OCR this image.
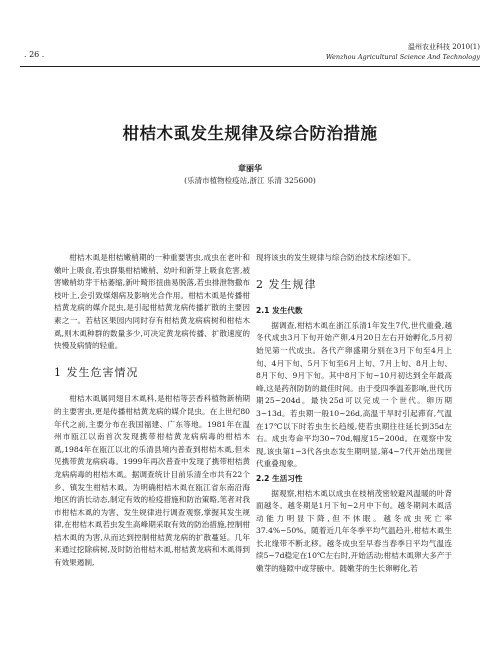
. 26 .
温州农业科技 2010(1)
Wenzhou Agricultural Science And Technology
柑桔木虱发生规律及综合防治措施
章丽华
(乐清市植物检疫站,浙江 乐清 325600)

柑桔木虱是柑桔嫩梢期的一种重要害虫,成虫在老叶和嫩叶上吸食,若虫群集柑桔嫩梢、幼叶和新芽上吸食危害,被害嫩梢幼芽干枯萎缩,新叶畸形扭曲易脱落,若虫排泄物撒布枝叶上,会引致煤烟病及影响光合作用。柑桔木虱是传播柑桔黄龙病的媒介昆虫,是引起柑桔黄龙病传播扩散的主要因素之一。若枯区果园内同时存有柑桔黄龙病病树和柑桔木虱,则木虱种群的数量多少,可决定黄龙病传播、扩散速度的快慢及病情的轻重。

1 发生危害情况

柑桔木虱属同翅目木虱科,是柑桔等芸香科植物新梢期的主要害虫,更是传播柑桔黄龙病的媒介昆虫。在上世纪80年代之前,主要分布在我国福建、广东等地。1981年在温州市瓯江以南首次发现携带柑桔黄龙病病毒的柑桔木虱,1984年在瓯江以北的乐清县境内普查到柑桔木虱,但未见携带黄龙病病毒。1999年再次普查中发现了携带柑桔黄龙病病毒的柑桔木虱。据调查统计目前乐清全市共有22个乡、镇发生柑桔木虱。为明确柑桔木虱在瓯江省东南沿海地区的消长动态,制定有效的检疫措施和防治策略,笔者对我市柑桔木虱的为害、发生规律进行调查观察,掌握其发生规律,在柑桔木虱若虫发生高峰期采取有效的防治措施,控制柑桔木虱的为害,从而达到控制柑桔黄龙病的扩散蔓延。几年来通过挖除病树,及时防治柑桔木虱,柑桔黄龙病和木虱得到有效果遏制,

现将该虫的发生规律与综合防治技术综述如下。

2 发生规律

2.1 发生代数

据调查,柑桔木虱在浙江乐清1年发生7代,世代重叠,越冬代成虫3月下旬开始产卵,4月20日左右开始孵化,5月初始见第一代成虫。各代产卵盛期分别在3月下旬至4月上旬、4月下旬、5月下旬至6月上旬、7月上旬、8月上旬、8月下旬、9月下旬。其中8月下旬~10月初达到全年最高峰,这是药剂防防的最佳时间。由于受四季温差影响,世代历期25~204d。最快25d可以完成一个世代。卵历期3~13d。若虫期一般10~26d,高温干旱时引起滞育,气温在17℃以下时若虫生长趋缓,使若虫期往往延长到35d左右。成虫寿命平均30~70d,幅度15~200d。在观察中发现,该虫第1~3代各虫态发生期明显,第4~7代开始出现世代重叠现象。

2.2 生活习性

据观察,柑桔木虱以成虫在枝梢茂密较避风温暖的叶背面越冬。越冬期是1月下旬~2月中下旬。越冬期间木虱活动能力明显下降,但不休眠。越冬成虫死亡率37.4%~50%。随着近几年冬季平均气温趋升,柑桔木虱生长北缘带不断北移。越冬成虫至早春当春季日平均气温连续5~7d稳定在10℃左右时,开始活动;柑桔木虱卵大多产于嫩芽的缝隙中或芽腋中。随嫩芽的生长卵孵化,若
